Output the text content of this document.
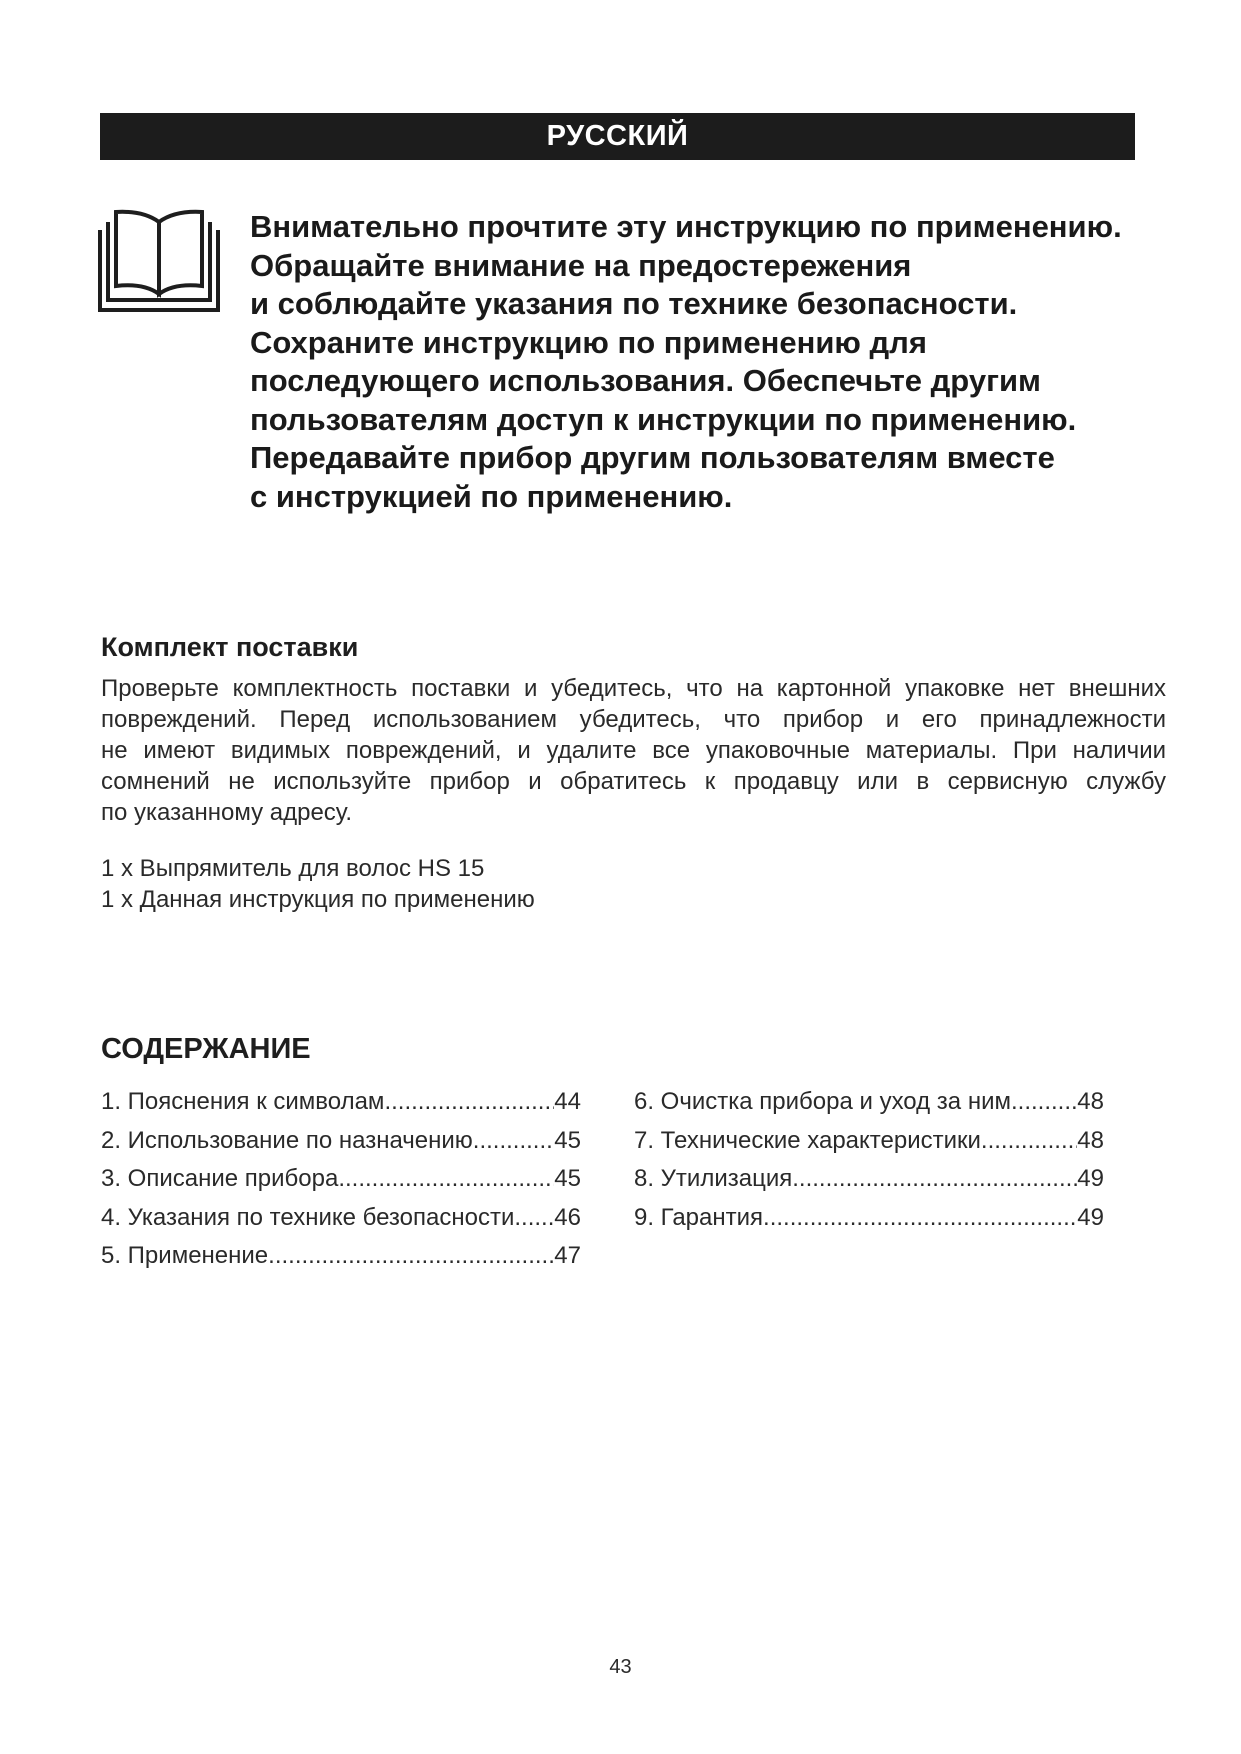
РУССКИЙ
Внимательно прочтите эту инструкцию по применению.
Обращайте внимание на предостережения
и соблюдайте указания по технике безопасности.
Сохраните инструкцию по применению для
последующего использования. Обеспечьте другим
пользователям доступ к инструкции по применению.
Передавайте прибор другим пользователям вместе
с инструкцией по применению.
Комплект поставки
Проверьте комплектность поставки и убедитесь, что на картонной упаковке нет внешних
повреждений. Перед использованием убедитесь, что прибор и его принадлежности
не имеют видимых повреждений, и удалите все упаковочные материалы. При наличии
сомнений не используйте прибор и обратитесь к продавцу или в сервисную службу
по указанному адресу.
1 x Выпрямитель для волос HS 15
1 x Данная инструкция по применению
СОДЕРЖАНИЕ
1. Пояснения к символам .....	44
2. Использование по назначению .....	45
3. Описание прибора .....	45
4. Указания по технике безопасности ..... 46
5. Применение .....	47
6. Очистка прибора и уход за ним .....	48
7. Технические характеристики .....	48
8. Утилизация .....	49
9. Гарантия .....	49
43
